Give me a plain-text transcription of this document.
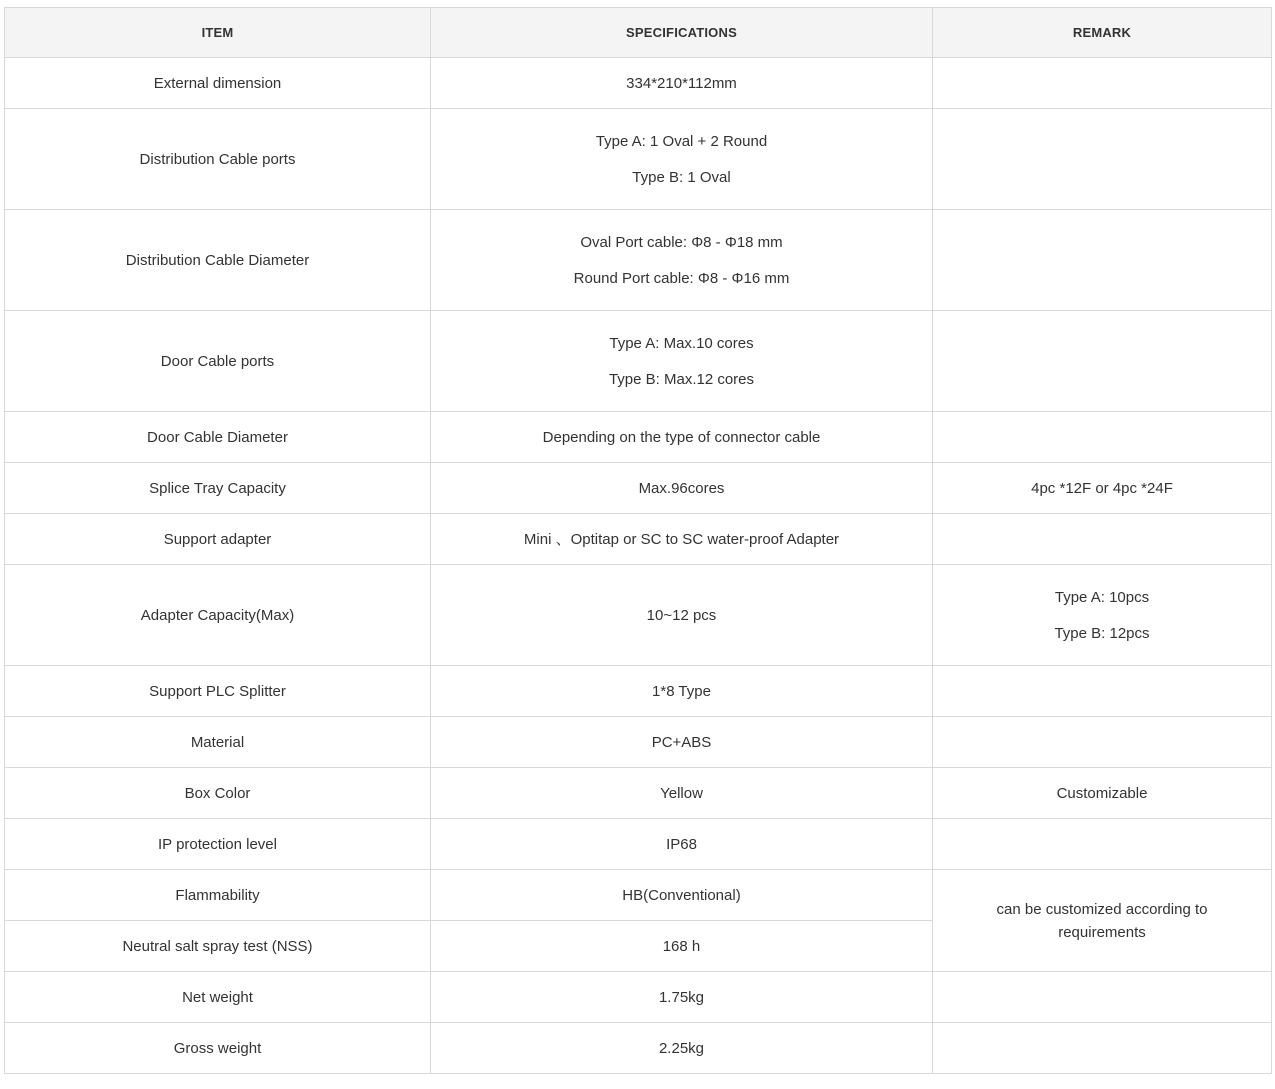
ITEM	SPECIFICATIONS	REMARK
External dimension	334*210*112mm	

Distribution Cable ports	Type A: 1 Oval + 2 Round
Type B: 1 Oval	

Distribution Cable Diameter	Oval Port cable: Φ8 - Φ18 mm
Round Port cable: Φ8 - Φ16 mm	

Door Cable ports	Type A: Max.10 cores
Type B: Max.12 cores	

Door Cable Diameter	Depending on the type of connector cable	

Splice Tray Capacity	Max.96cores	4pc *12F or 4pc *24F

Support adapter	Mini 、Optitap or SC to SC water-proof Adapter	

Adapter Capacity(Max)	10~12 pcs	Type A: 10pcs
Type B: 12pcs

Support PLC Splitter	1*8 Type	

Material	PC+ABS	

Box Color	Yellow	Customizable

IP protection level	IP68	

Flammability	HB(Conventional)	can be customized according to requirements

Neutral salt spray test (NSS)	168 h	

Net weight	1.75kg	

Gross weight	2.25kg	
